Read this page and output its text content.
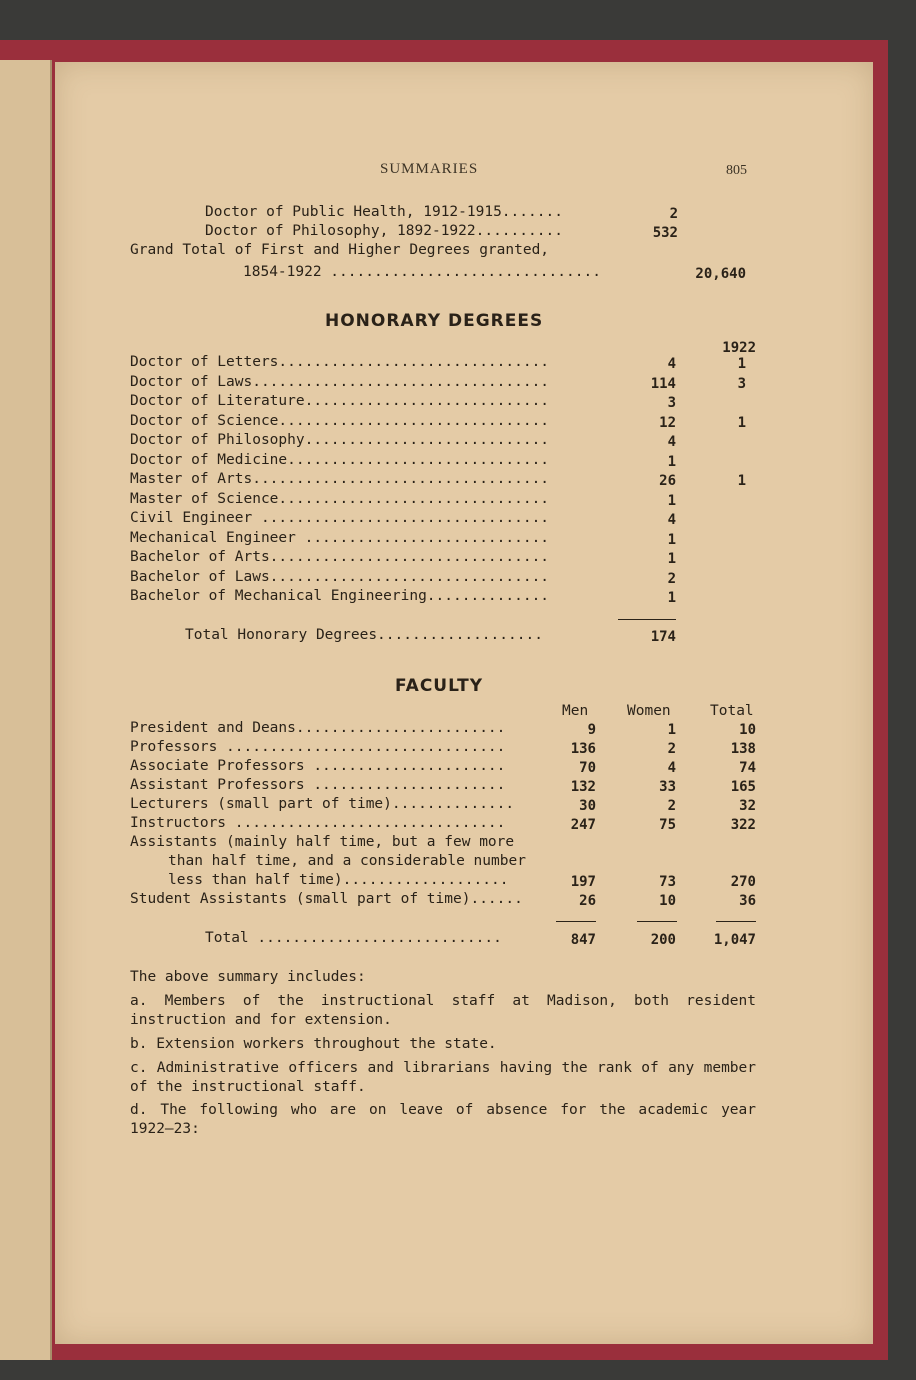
SUMMARIES	805
Doctor of Public Health, 1912-1915.......	2
Doctor of Philosophy, 1892-1922..........	532
Grand Total of First and Higher Degrees granted,
1854-1922 ...............................	20,640
HONORARY DEGREES
1922
Doctor of Letters...............................	4	1
Doctor of Laws..................................	114	3
Doctor of Literature............................	3
Doctor of Science...............................	12	1
Doctor of Philosophy............................	4
Doctor of Medicine..............................	1
Master of Arts..................................	26	1
Master of Science...............................	1
Civil Engineer .................................	4
Mechanical Engineer ............................	1
Bachelor of Arts................................	1
Bachelor of Laws................................	2
Bachelor of Mechanical Engineering..............	1
Total Honorary Degrees...................	174
FACULTY
Men	Women	Total
President and Deans........................	9	1	10
Professors ................................	136	2	138
Associate Professors ......................	70	4	74
Assistant Professors ......................	132	33	165
Lecturers (small part of time)..............	30	2	32
Instructors ...............................	247	75	322
Assistants (mainly half time, but a few more
than half time, and a considerable number
less than half time)...................	197	73	270
Student Assistants (small part of time)......	26	10	36
Total ............................	847	200	1,047
The above summary includes:
a. Members of the instructional staff at Madison, both resident instruction and for extension.
b. Extension workers throughout the state.
c. Administrative officers and librarians having the rank of any member of the instructional staff.
d. The following who are on leave of absence for the academic year 1922–23:
